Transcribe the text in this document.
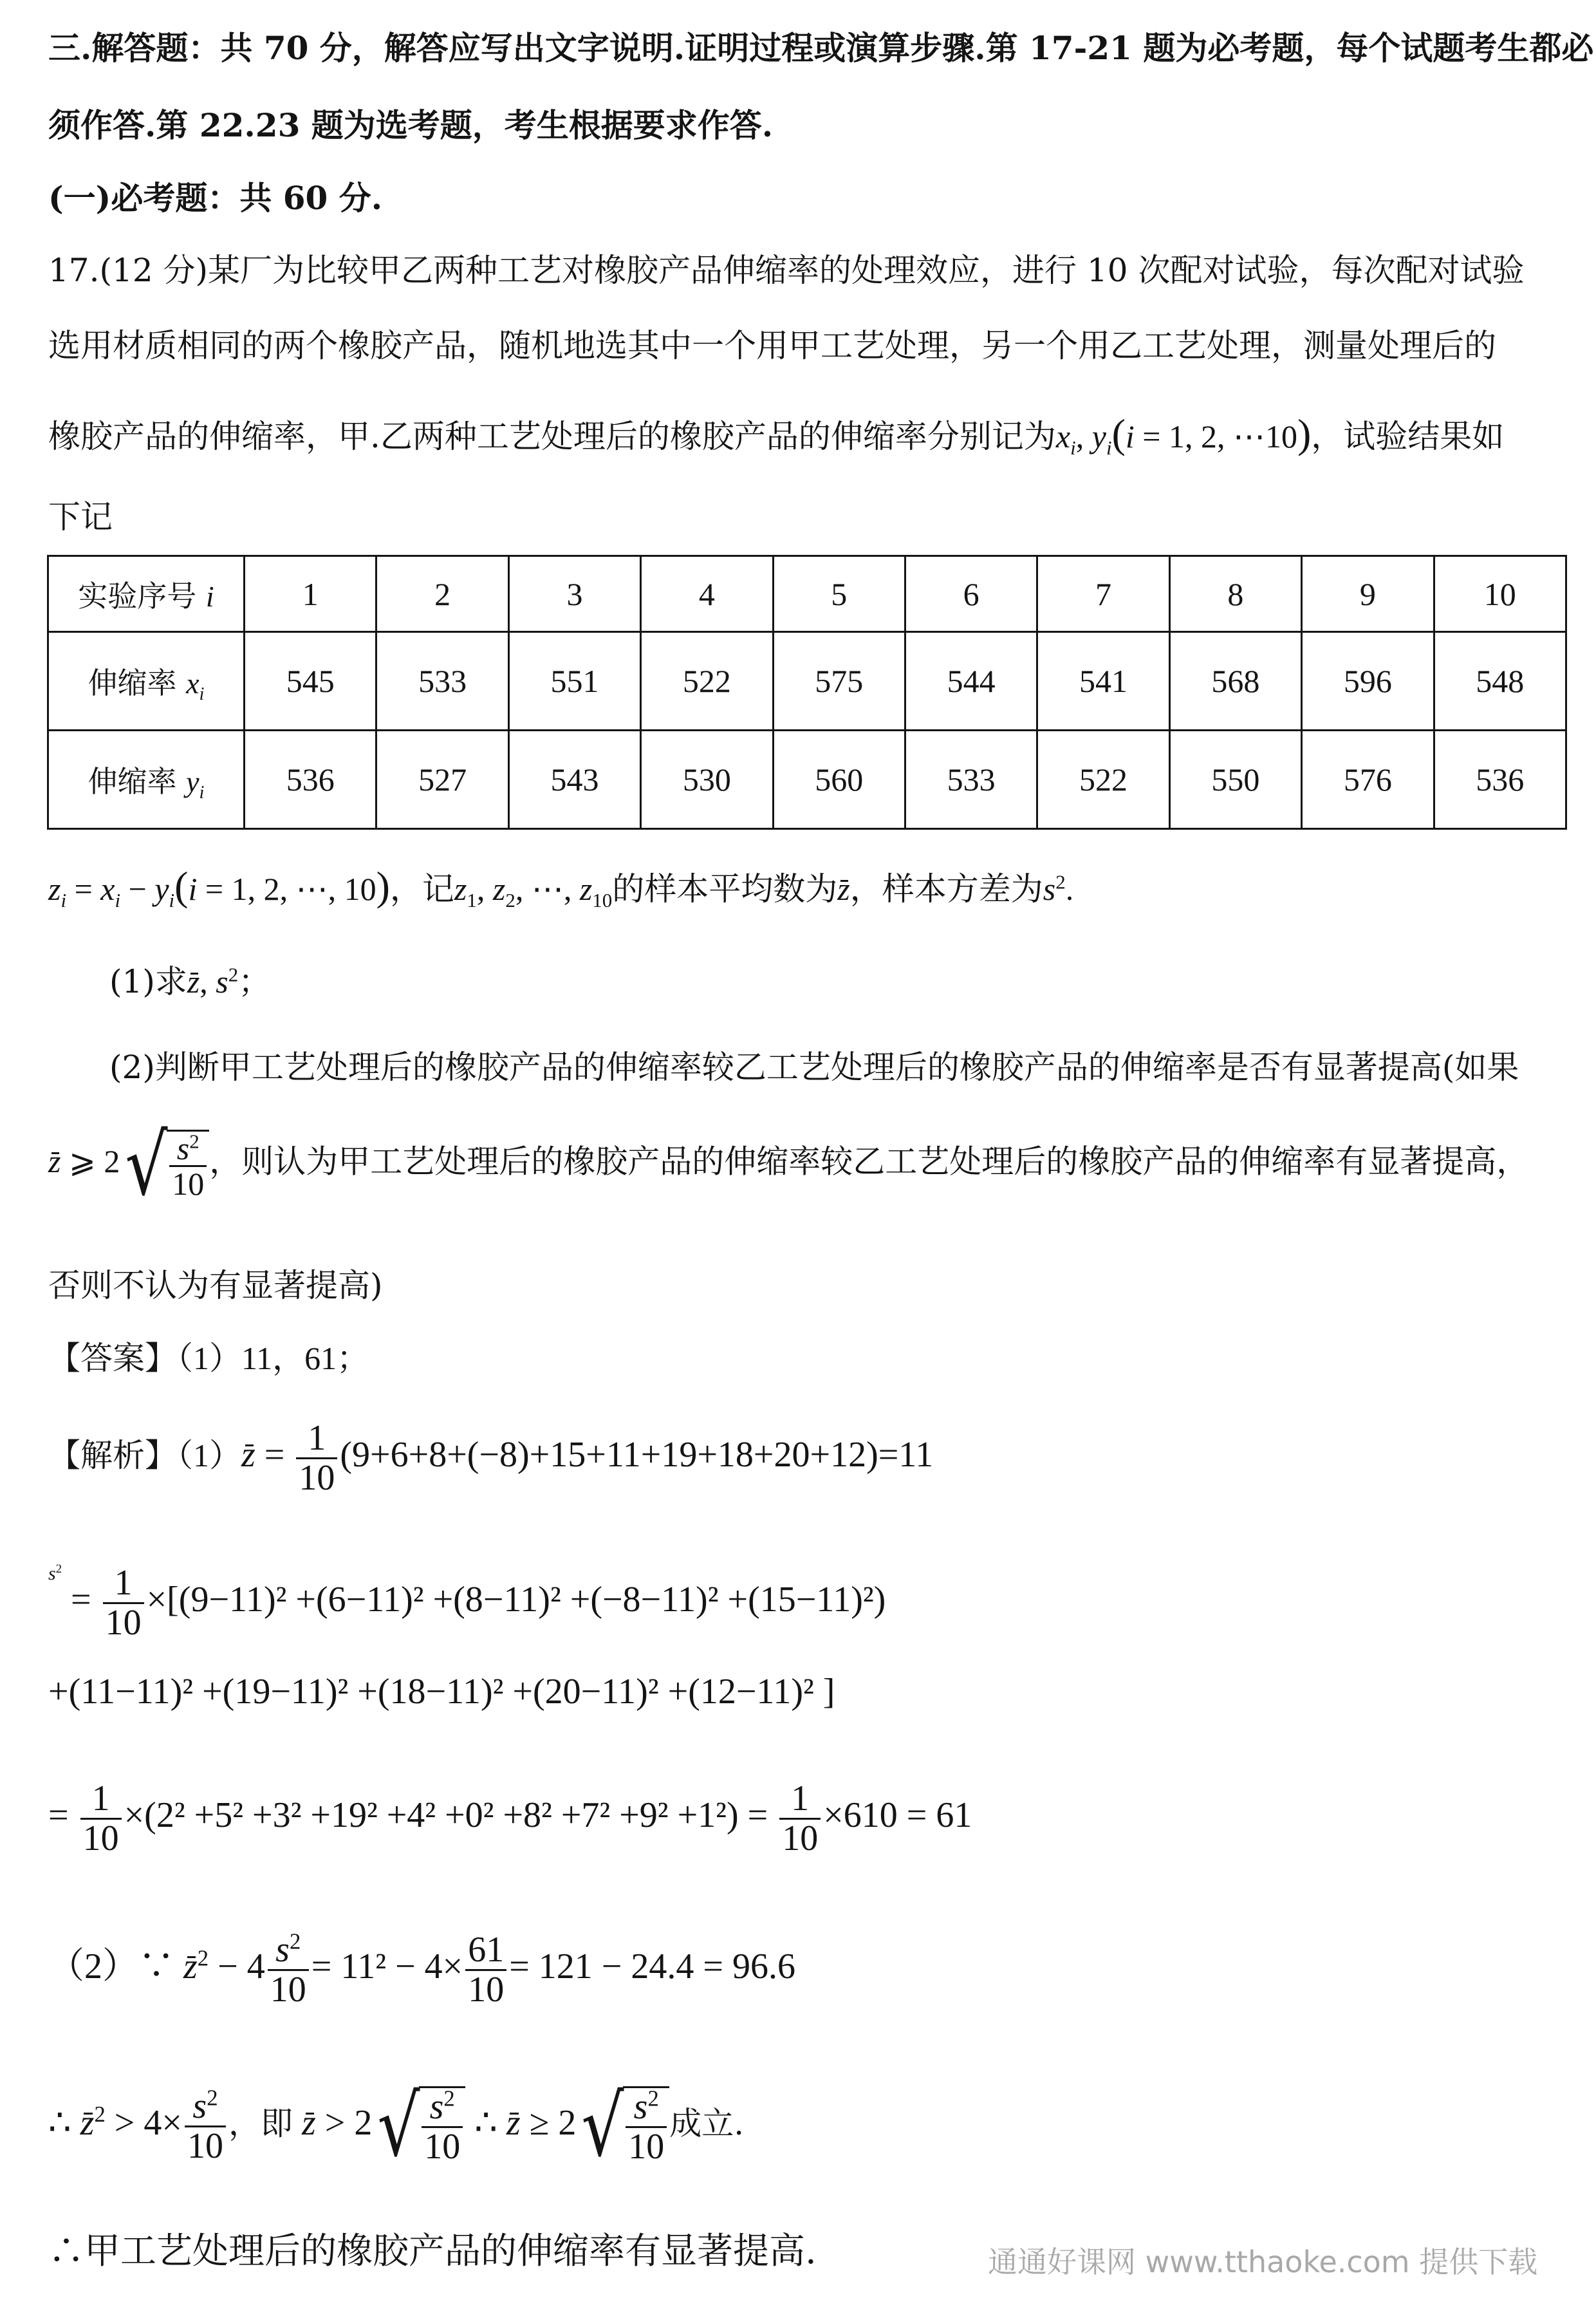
三.解答题：共 70 分，解答应写出文字说明.证明过程或演算步骤.第 17-21 题为必考题，每个试题考生都必
须作答.第 22.23 题为选考题，考生根据要求作答.
(一)必考题：共 60 分.
17.(12 分)某厂为比较甲乙两种工艺对橡胶产品伸缩率的处理效应，进行 10 次配对试验，每次配对试验
选用材质相同的两个橡胶产品，随机地选其中一个用甲工艺处理，另一个用乙工艺处理，测量处理后的
橡胶产品的伸缩率，甲.乙两种工艺处理后的橡胶产品的伸缩率分别记为$x_i$, $y_i(i = 1$, 2, ⋯10)，试验结果如
下记
实验序号 i	1	2	3	4	5	6	7	8	9	10
伸缩率 $x_i$	545	533	551	522	575	544	541	568	596	548
伸缩率 $y_i$	536	527	543	530	560	533	522	550	576	536
$z_i = x_i - y_i(i = 1$, 2, ⋯, 10)，记$z_1$, $z_2$, ⋯, $z_{10}$的样本平均数为z，样本方差为$s^2$.
(1)求z, $s^2$；
(2)判断甲工艺处理后的橡胶产品的伸缩率较乙工艺处理后的橡胶产品的伸缩率是否有显著提高(如果
z ⩾ $2√ \frac{s^2}{10}$ ，则认为甲工艺处理后的橡胶产品的伸缩率较乙工艺处理后的橡胶产品的伸缩率有显著提高，
否则不认为有显著提高)
【答案】（1）11，61；
【解析】$(1)z = \frac{1}{10} (9+6+8+(-8)+15+11+19+18+20+12)=11$
$^{s^2} = \frac{1}{10} \times[(9-11)^2 +(6-11)^2 +(8-11)^2 +(-8-11)^2 +(15-11)^2)$
+(11−11)² +(19−11)² +(18−11)² +(20−11)² +(12−11)² ]
= $\frac{1}{10} \times(2^2 +5^2 +3^2 +19^2 +4^2 +0^2 +8^2 +7^2 +9^2 +1^2) = \frac{1}{10} \times 610 = 61$
（2）∵ $z^2 - 4 \frac{s^2}{10} = 11^2 - 4\times \frac{61}{10} = 121 - 24.4 = 96.6$
∴ $z^2 > 4\times \frac{s^2}{10}$ ，即 $z > 2√ \frac{s^2}{10}$ ∴ $z \ge 2√ \frac{s^2}{10}$ 成立.
∴甲工艺处理后的橡胶产品的伸缩率有显著提高.	通通好课网 www.tthaoke.com 提供下载
